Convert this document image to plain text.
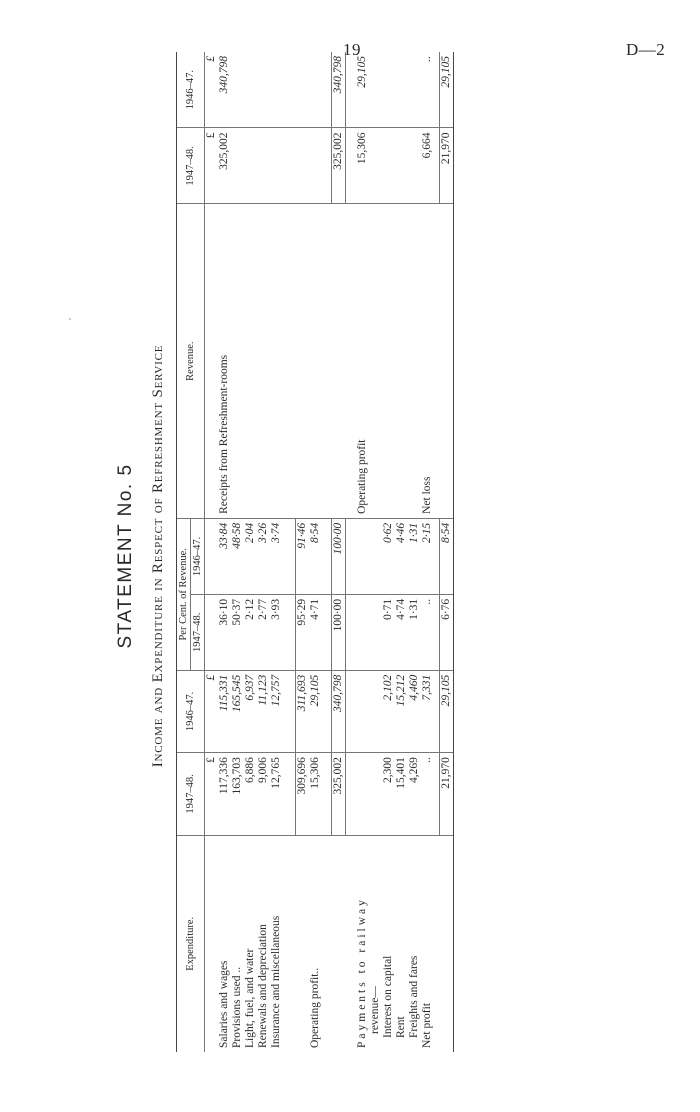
19	D—2
STATEMENT No. 5 Income and Expenditure in Respect of Refreshment Service

Expenditure.	1947–48.	1946–47.	Per Cent. of Revenue.		Revenue.	1947–48.	1946–47.
			1947–48.	1946–47.			
	£	£				£	£
Salaries and wages	117,336	115,331	36·10	33·84	Receipts from Refreshment-rooms	325,002	340,798
Provisions used ..	163,703	165,545	50·37	48·58			
Light, fuel, and water	6,886	6,937	2·12	2·04			
Renewals and depreciation	9,006	11,123	2·77	3·26			
Insurance and miscellaneous	12,765	12,757	3·93	3·74			

	309,696	311,693	95·29	91·46			
Operating profit..	15,306	29,105	4·71	8·54			

	325,002	340,798	100·00	100·00		325,002	340,798

Payments to railway					Operating profit	15,306	29,105
revenue—							
Interest on capital	2,300	2,102	0·71	0·62			
Rent	15,401	15,212	4·74	4·46			
Freights and fares	4,269	4,460	1·31	1·31			
Net profit	..	7,331	..	2·15	Net loss	6,664	..

	21,970	29,105	6·76	8·54		21,970	29,105
